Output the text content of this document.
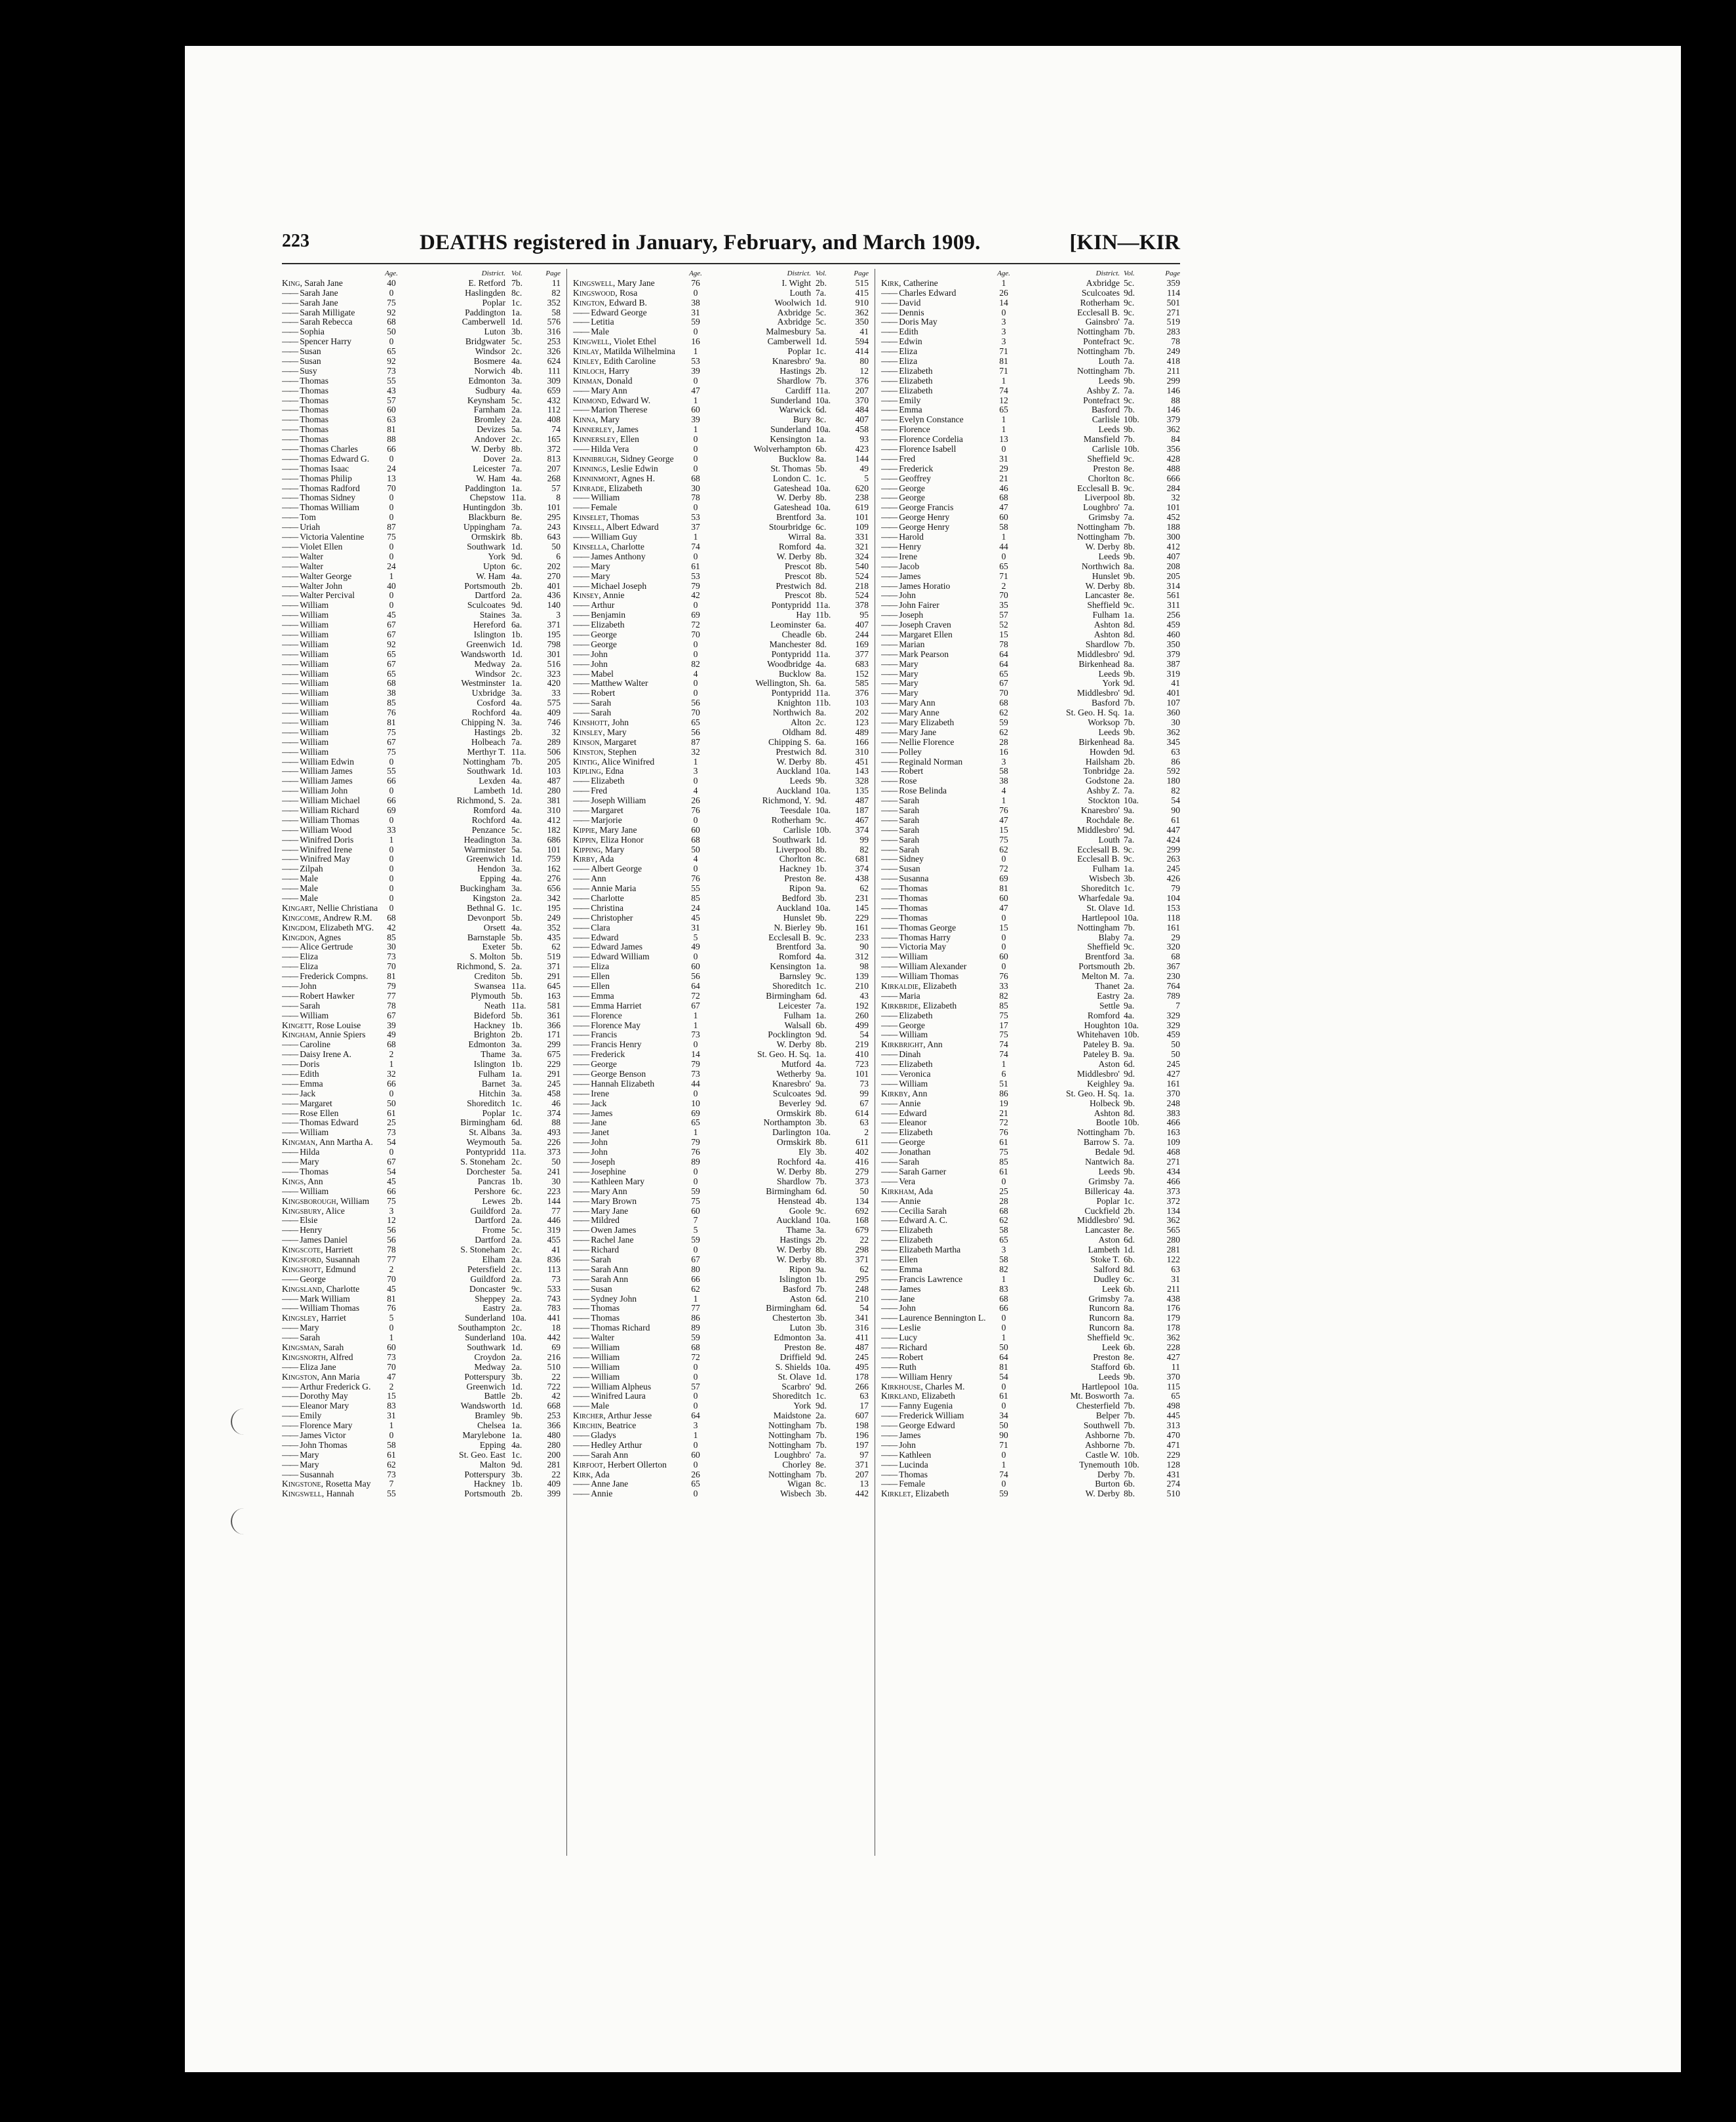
223	DEATHS registered in January, February, and March 1909.	[KIN—KIR
Age.	District. Vol.	Page
King, Sarah Jane	40	E. Retford 7b.	11
—— Sarah Jane	0	Haslingden 8c.	82
—— Sarah Jane	75	Poplar 1c.	352
—— Sarah Milligate	92	Paddington 1a.	58
—— Sarah Rebecca	68	Camberwell 1d.	576
—— Sophia	50	Luton 3b.	316
—— Spencer Harry	0	Bridgwater 5c.	253
—— Susan	65	Windsor 2c.	326
—— Susan	92	Bosmere 4a.	624
—— Susy	73	Norwich 4b.	111
—— Thomas	55	Edmonton 3a.	309
—— Thomas	43	Sudbury 4a.	659
—— Thomas	57	Keynsham 5c.	432
—— Thomas	60	Farnham 2a.	112
—— Thomas	63	Bromley 2a.	408
—— Thomas	81	Devizes 5a.	74
—— Thomas	88	Andover 2c.	165
—— Thomas Charles	66	W. Derby 8b.	372
—— Thomas Edward G.	0	Dover 2a.	813
—— Thomas Isaac	24	Leicester 7a.	207
—— Thomas Philip	13	W. Ham 4a.	268
—— Thomas Radford	70	Paddington 1a.	57
—— Thomas Sidney	0	Chepstow 11a.	8
—— Thomas William	0	Huntingdon 3b.	101
—— Tom	0	Blackburn 8e.	295
—— Uriah	87	Uppingham 7a.	243
—— Victoria Valentine	75	Ormskirk 8b.	643
—— Violet Ellen	0	Southwark 1d.	50
—— Walter	0	York 9d.	6
—— Walter	24	Upton 6c.	202
—— Walter George	1	W. Ham 4a.	270
—— Walter John	40	Portsmouth 2b.	401
—— Walter Percival	0	Dartford 2a.	436
—— William	0	Sculcoates 9d.	140
—— William	45	Staines 3a.	3
—— William	67	Hereford 6a.	371
—— William	67	Islington 1b.	195
—— William	92	Greenwich 1d.	798
—— William	65	Wandsworth 1d.	301
—— William	67	Medway 2a.	516
—— William	65	Windsor 2c.	323
—— William	68	Westminster 1a.	420
—— William	38	Uxbridge 3a.	33
—— William	85	Cosford 4a.	575
—— William	76	Rochford 4a.	409
—— William	81	Chipping N. 3a.	746
—— William	75	Hastings 2b.	32
—— William	67	Holbeach 7a.	289
—— William	75	Merthyr T. 11a. 506
—— William Edwin	0	Nottingham 7b.	205
—— William James	55	Southwark 1d.	103
—— William James	66	Lexden 4a.	487
—— William John	0	Lambeth 1d.	280
—— William Michael	66	Richmond, S. 2a.	381
—— William Richard	69	Romford 4a.	310
—— William Thomas	0	Rochford 4a.	412
—— William Wood	33	Penzance 5c.	182
—— Winifred Doris	1	Headington 3a.	686
—— Winifred Irene	0	Warminster 5a.	101
—— Winifred May	0	Greenwich 1d.	759
—— Zilpah	0	Hendon 3a.	162
—— Male	0	Epping 4a.	276
—— Male	0	Buckingham 3a.	656
—— Male	0	Kingston 2a.	342
Kingart, Nellie Christiana	0	Bethnal G. 1c.	195
Kingcome, Andrew R.M.	68	Devonport 5b.	249
Kingdom, Elizabeth M'G.	42	Orsett 4a.	352
Kingdon, Agnes	85	Barnstaple 5b.	435
—— Alice Gertrude	30	Exeter 5b.	62
—— Eliza	73	S. Molton 5b.	519
—— Eliza	70	Richmond, S. 2a.	371
—— Frederick Compns.	81	Crediton 5b.	291
—— John	79	Swansea 11a. 645
—— Robert Hawker	77	Plymouth 5b.	163
—— Sarah	78	Neath 11a. 581
—— William	67	Bideford 5b.	361
Kingett, Rose Louise	39	Hackney 1b.	366
Kingham, Annie Spiers	49	Brighton 2b.	171
—— Caroline	68	Edmonton 3a.	299
—— Daisy Irene A.	2	Thame 3a.	675
—— Doris	1	Islington 1b.	229
—— Edith	32	Fulham 1a.	291
—— Emma	66	Barnet 3a.	245
—— Jack	0	Hitchin 3a.	458
—— Margaret	50	Shoreditch 1c.	46
—— Rose Ellen	61	Poplar 1c.	374
—— Thomas Edward	25	Birmingham 6d.	88
—— William	73	St. Albans 3a.	493
Kingman, Ann Martha A.	54	Weymouth 5a.	226
—— Hilda	0	Pontypridd 11a. 373
—— Mary	67	S. Stoneham 2c.	50
—— Thomas	54	Dorchester 5a.	241
Kings, Ann	45	Pancras 1b.	30
—— William	66	Pershore 6c.	223
Kingsborough, William	75	Lewes 2b.	144
Kingsbury, Alice	3	Guildford 2a.	77
—— Elsie	12	Dartford 2a.	446
—— Henry	56	Frome 5c.	319
—— James Daniel	56	Dartford 2a.	455
Kingscote, Harriett	78	S. Stoneham 2c.	41
Kingsford, Susannah	77	Elham 2a.	836
Kingshott, Edmund	2	Petersfield 2c.	113
—— George	70	Guildford 2a.	73
Kingsland, Charlotte	45	Doncaster 9c.	533
—— Mark William	81	Sheppey 2a.	743
—— William Thomas	76	Eastry 2a.	783
Kingsley, Harriet	5	Sunderland 10a. 441
—— Mary	0	Southampton 2c.	18
—— Sarah	1	Sunderland 10a. 442
Kingsman, Sarah	60	Southwark 1d.	69
Kingsnorth, Alfred	73	Croydon 2a.	216
—— Eliza Jane	70	Medway 2a.	510
Kingston, Ann Maria	47	Potterspury 3b.	22
—— Arthur Frederick G.	2	Greenwich 1d.	722
—— Dorothy May	15	Battle 2b.	42
—— Eleanor Mary	83	Wandsworth 1d.	668
—— Emily	31	Bramley 9b.	253
—— Florence Mary	1	Chelsea 1a.	366
—— James Victor	0	Marylebone 1a.	480
—— John Thomas	58	Epping 4a.	280
—— Mary	61	St. Geo. East 1c.	200
—— Mary	62	Malton 9d.	281
—— Susannah	73	Potterspury 3b.	22
Kingstone, Rosetta May	7	Hackney 1b.	409
Kingswell, Hannah	55	Portsmouth 2b.	399
Age.	District. Vol.	Page
Kingswell, Mary Jane	76	I. Wight 2b.	515
Kingswood, Rosa	0	Louth 7a.	415
Kington, Edward B.	38	Woolwich 1d.	910
—— Edward George	31	Axbridge 5c.	362
—— Letitia	59	Axbridge 5c.	350
—— Male	0	Malmesbury 5a.	41
Kingwell, Violet Ethel	16	Camberwell 1d.	594
Kinlay, Matilda Wilhelmina	1	Poplar 1c.	414
Kinley, Edith Caroline	53	Knaresbro' 9a.	80
Kinloch, Harry	39	Hastings 2b.	12
Kinman, Donald	0	Shardlow 7b.	376
—— Mary Ann	47	Cardiff 11a.	207
Kinmond, Edward W.	1	Sunderland 10a.	370
—— Marion Therese	60	Warwick 6d.	484
Kinna, Mary	39	Bury 8c.	407
Kinnerley, James	1	Sunderland 10a.	458
Kinnersley, Ellen	0	Kensington 1a.	93
—— Hilda Vera	0	Wolverhampton 6b.	423
Kinnibrugh, Sidney George	0	Bucklow 8a.	144
Kinnings, Leslie Edwin	0	St. Thomas 5b.	49
Kinninmont, Agnes H.	68	London C. 1c.	5
Kinrade, Elizabeth	30	Gateshead 10a.	620
—— William	78	W. Derby 8b.	238
—— Female	0	Gateshead 10a.	619
Kinselet, Thomas	53	Brentford 3a.	101
Kinsell, Albert Edward	37	Stourbridge 6c.	109
—— William Guy	1	Wirral 8a.	331
Kinsella, Charlotte	74	Romford 4a.	321
—— James Anthony	0	W. Derby 8b.	324
—— Mary	61	Prescot 8b.	540
—— Mary	53	Prescot 8b.	524
—— Michael Joseph	79	Prestwich 8d.	218
Kinsey, Annie	42	Prescot 8b.	524
—— Arthur	0	Pontypridd 11a.	378
—— Benjamin	69	Hay 11b.	95
—— Elizabeth	72	Leominster 6a.	407
—— George	70	Cheadle 6b.	244
—— George	0	Manchester 8d.	169
—— John	0	Pontypridd 11a.	377
—— John	82	Woodbridge 4a.	683
—— Mabel	4	Bucklow 8a.	152
—— Matthew Walter	0	Wellington, Sh. 6a.	585
—— Robert	0	Pontypridd 11a.	376
—— Sarah	56	Knighton 11b.	103
—— Sarah	70	Northwich 8a.	202
Kinshott, John	65	Alton 2c.	123
Kinsley, Mary	56	Oldham 8d.	489
Kinson, Margaret	87	Chipping S. 6a.	166
Kinston, Stephen	32	Prestwich 8d.	310
Kintig, Alice Winifred	1	W. Derby 8b.	451
Kipling, Edna	3	Auckland 10a.	143
—— Elizabeth	0	Leeds 9b.	328
—— Fred	4	Auckland 10a.	135
—— Joseph William	26	Richmond, Y. 9d.	487
—— Margaret	76	Teesdale 10a.	187
—— Marjorie	0	Rotherham 9c.	467
Kippie, Mary Jane	60	Carlisle 10b.	374
Kippin, Eliza Honor	68	Southwark 1d.	99
Kipping, Mary	50	Liverpool 8b.	82
Kirby, Ada	4	Chorlton 8c.	681
—— Albert George	0	Hackney 1b.	374
—— Ann	76	Preston 8e.	438
—— Annie Maria	55	Ripon 9a.	62
—— Charlotte	85	Bedford 3b.	231
—— Christina	24	Auckland 10a.	145
—— Christopher	45	Hunslet 9b.	229
—— Clara	31	N. Bierley 9b.	161
—— Edward	5	Ecclesall B. 9c.	233
—— Edward James	49	Brentford 3a.	90
—— Edward William	0	Romford 4a.	312
—— Eliza	60	Kensington 1a.	98
—— Ellen	56	Barnsley 9c.	139
—— Ellen	64	Shoreditch 1c.	210
—— Emma	72	Birmingham 6d.	43
—— Emma Harriet	67	Leicester 7a.	192
—— Florence	1	Fulham 1a.	260
—— Florence May	1	Walsall 6b.	499
—— Francis	73	Pocklington 9d.	54
—— Francis Henry	0	W. Derby 8b.	219
—— Frederick	14	St. Geo. H. Sq. 1a.	410
—— George	79	Mutford 4a.	723
—— George Benson	73	Wetherby 9a.	101
—— Hannah Elizabeth	44	Knaresbro' 9a.	73
—— Irene	0	Sculcoates 9d.	99
—— Jack	10	Beverley 9d.	67
—— James	69	Ormskirk 8b.	614
—— Jane	65	Northampton 3b.	63
—— Janet	1	Darlington 10a.	2
—— John	79	Ormskirk 8b.	611
—— John	76	Ely 3b.	402
—— Joseph	89	Rochford 4a.	416
—— Josephine	0	W. Derby 8b.	279
—— Kathleen Mary	0	Shardlow 7b.	373
—— Mary Ann	59	Birmingham 6d.	50
—— Mary Brown	75	Henstead 4b.	134
—— Mary Jane	60	Goole 9c.	692
—— Mildred	7	Auckland 10a.	168
—— Owen James	5	Thame 3a.	679
—— Rachel Jane	59	Hastings 2b.	22
—— Richard	0	W. Derby 8b.	298
—— Sarah	67	W. Derby 8b.	371
—— Sarah Ann	80	Ripon 9a.	62
—— Sarah Ann	66	Islington 1b.	295
—— Susan	62	Basford 7b.	248
—— Sydney John	1	Aston 6d.	210
—— Thomas	77	Birmingham 6d.	54
—— Thomas	86	Chesterton 3b.	341
—— Thomas Richard	89	Luton 3b.	316
—— Walter	59	Edmonton 3a.	411
—— William	68	Preston 8e.	487
—— William	72	Driffield 9d.	245
—— William	0	S. Shields 10a.	495
—— William	0	St. Olave 1d.	178
—— William Alpheus	57	Scarbro' 9d.	266
—— Winifred Laura	0	Shoreditch 1c.	63
—— Male	0	York 9d.	17
Kircher, Arthur Jesse	64	Maidstone 2a.	607
Kirchin, Beatrice	3	Nottingham 7b.	198
—— Gladys	1	Nottingham 7b.	196
—— Hedley Arthur	0	Nottingham 7b.	197
—— Sarah Ann	60	Loughbro' 7a.	97
Kirfoot, Herbert Ollerton	0	Chorley 8e.	371
Kirk, Ada	26	Nottingham 7b.	207
—— Anne Jane	65	Wigan 8c.	13
—— Annie	0	Wisbech 3b.	442
Age.	District. Vol.	Page
Kirk, Catherine	1	Axbridge 5c.	359
—— Charles Edward	26	Sculcoates 9d.	114
—— David	14	Rotherham 9c.	501
—— Dennis	0	Ecclesall B. 9c.	271
—— Doris May	3	Gainsbro' 7a.	519
—— Edith	3	Nottingham 7b.	283
—— Edwin	3	Pontefract 9c.	78
—— Eliza	71	Nottingham 7b.	249
—— Eliza	81	Louth 7a.	418
—— Elizabeth	71	Nottingham 7b.	211
—— Elizabeth	1	Leeds 9b.	299
—— Elizabeth	74	Ashby Z. 7a.	146
—— Emily	12	Pontefract 9c.	88
—— Emma	65	Basford 7b.	146
—— Evelyn Constance	1	Carlisle 10b.	379
—— Florence	1	Leeds 9b.	362
—— Florence Cordelia	13	Mansfield 7b.	84
—— Florence Isabell	0	Carlisle 10b.	356
—— Fred	31	Sheffield 9c.	428
—— Frederick	29	Preston 8e.	488
—— Geoffrey	21	Chorlton 8c.	666
—— George	46	Ecclesall B. 9c.	284
—— George	68	Liverpool 8b.	32
—— George Francis	47	Loughbro' 7a.	101
—— George Henry	60	Grimsby 7a.	452
—— George Henry	58	Nottingham 7b.	188
—— Harold	1	Nottingham 7b.	300
—— Henry	44	W. Derby 8b.	412
—— Irene	0	Leeds 9b.	407
—— Jacob	65	Northwich 8a.	208
—— James	71	Hunslet 9b.	205
—— James Horatio	2	W. Derby 8b.	314
—— John	70	Lancaster 8e.	561
—— John Fairer	35	Sheffield 9c.	311
—— Joseph	57	Fulham 1a.	256
—— Joseph Craven	52	Ashton 8d.	459
—— Margaret Ellen	15	Ashton 8d.	460
—— Marian	78	Shardlow 7b.	350
—— Mark Pearson	64	Middlesbro' 9d.	379
—— Mary	64	Birkenhead 8a.	387
—— Mary	65	Leeds 9b.	319
—— Mary	67	York 9d.	41
—— Mary	70	Middlesbro' 9d.	401
—— Mary Ann	68	Basford 7b.	107
—— Mary Anne	62	St. Geo. H. Sq. 1a.	360
—— Mary Elizabeth	59	Worksop 7b.	30
—— Mary Jane	62	Leeds 9b.	362
—— Nellie Florence	28	Birkenhead 8a.	345
—— Polley	16	Howden 9d.	63
—— Reginald Norman	3	Hailsham 2b.	86
—— Robert	58	Tonbridge 2a.	592
—— Rose	38	Godstone 2a.	180
—— Rose Belinda	4	Ashby Z. 7a.	82
—— Sarah	1	Stockton 10a.	54
—— Sarah	76	Knaresbro' 9a.	90
—— Sarah	47	Rochdale 8e.	61
—— Sarah	15	Middlesbro' 9d.	447
—— Sarah	75	Louth 7a.	424
—— Sarah	62	Ecclesall B. 9c.	299
—— Sidney	0	Ecclesall B. 9c.	263
—— Susan	72	Fulham 1a.	245
—— Susanna	69	Wisbech 3b.	426
—— Thomas	81	Shoreditch 1c.	79
—— Thomas	60	Wharfedale 9a.	104
—— Thomas	47	St. Olave 1d.	153
—— Thomas	0	Hartlepool 10a.	118
—— Thomas George	15	Nottingham 7b.	161
—— Thomas Harry	0	Blaby 7a.	29
—— Victoria May	0	Sheffield 9c.	320
—— William	60	Brentford 3a.	68
—— William Alexander	0	Portsmouth 2b.	367
—— William Thomas	76	Melton M. 7a.	230
Kirkaldie, Elizabeth	33	Thanet 2a.	764
—— Maria	82	Eastry 2a.	789
Kirkbride, Elizabeth	85	Settle 9a.	7
—— Elizabeth	75	Romford 4a.	329
—— George	17	Houghton 10a.	329
—— William	75	Whitehaven 10b.	459
Kirkbright, Ann	74	Pateley B. 9a.	50
—— Dinah	74	Pateley B. 9a.	50
—— Elizabeth	1	Aston 6d.	245
—— Veronica	6	Middlesbro' 9d.	427
—— William	51	Keighley 9a.	161
Kirkby, Ann	86	St. Geo. H. Sq. 1a.	370
—— Annie	19	Holbeck 9b.	248
—— Edward	21	Ashton 8d.	383
—— Eleanor	72	Bootle 10b.	466
—— Elizabeth	76	Nottingham 7b.	163
—— George	61	Barrow S. 7a.	109
—— Jonathan	75	Bedale 9d.	468
—— Sarah	85	Nantwich 8a.	271
—— Sarah Garner	61	Leeds 9b.	434
—— Vera	0	Grimsby 7a.	466
Kirkham, Ada	25	Billericay 4a.	373
—— Annie	28	Poplar 1c.	372
—— Cecilia Sarah	68	Cuckfield 2b.	134
—— Edward A. C.	62	Middlesbro' 9d.	362
—— Elizabeth	58	Lancaster 8e.	565
—— Elizabeth	65	Aston 6d.	280
—— Elizabeth Martha	3	Lambeth 1d.	281
—— Ellen	58	Stoke T. 6b.	122
—— Emma	82	Salford 8d.	63
—— Francis Lawrence	1	Dudley 6c.	31
—— James	83	Leek 6b.	211
—— Jane	68	Grimsby 7a.	438
—— John	66	Runcorn 8a.	176
—— Laurence Bennington L.	0	Runcorn 8a.	179
—— Leslie	0	Runcorn 8a.	178
—— Lucy	1	Sheffield 9c.	362
—— Richard	50	Leek 6b.	228
—— Robert	64	Preston 8e.	427
—— Ruth	81	Stafford 6b.	11
—— William Henry	54	Leeds 9b.	370
Kirkhouse, Charles M.	0	Hartlepool 10a.	115
Kirkland, Elizabeth	61	Mt. Bosworth 7a.	65
—— Fanny Eugenia	0	Chesterfield 7b.	498
—— Frederick William	34	Belper 7b.	445
—— George Edward	50	Southwell 7b.	313
—— James	90	Ashborne 7b.	470
—— John	71	Ashborne 7b.	471
—— Kathleen	0	Castle W. 10b.	229
—— Lucinda	1	Tynemouth 10b.	128
—— Thomas	74	Derby 7b.	431
—— Female	0	Burton 6b.	274
Kirklet, Elizabeth	59	W. Derby 8b.	510
